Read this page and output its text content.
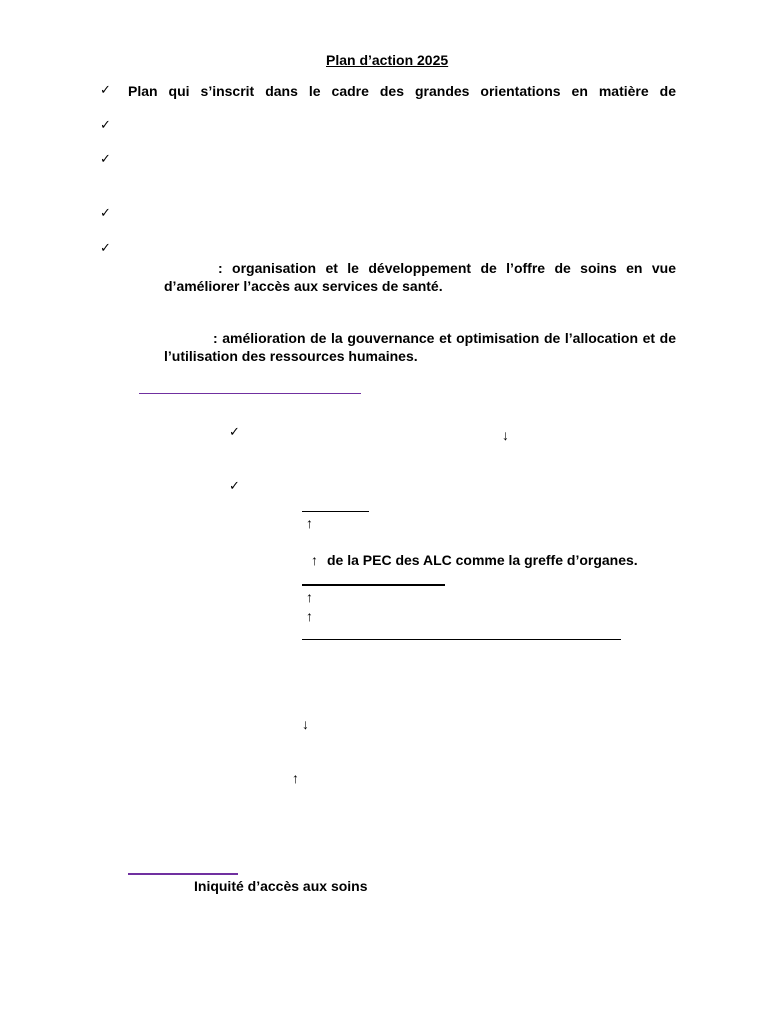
Plan d’action 2025
✓ Plan qui s’inscrit dans le cadre des grandes orientations en matière de
✓
✓
✓
✓
: organisation et le développement de l’offre de soins en vue
d’améliorer l’accès aux services de santé.
: amélioration de la gouvernance et optimisation de l’allocation et de
l’utilisation des ressources humaines.
✓	↓
✓
↑
↑ de la PEC des ALC comme la greffe d’organes.
↑
↑
↓
↑
Iniquité d’accès aux soins
